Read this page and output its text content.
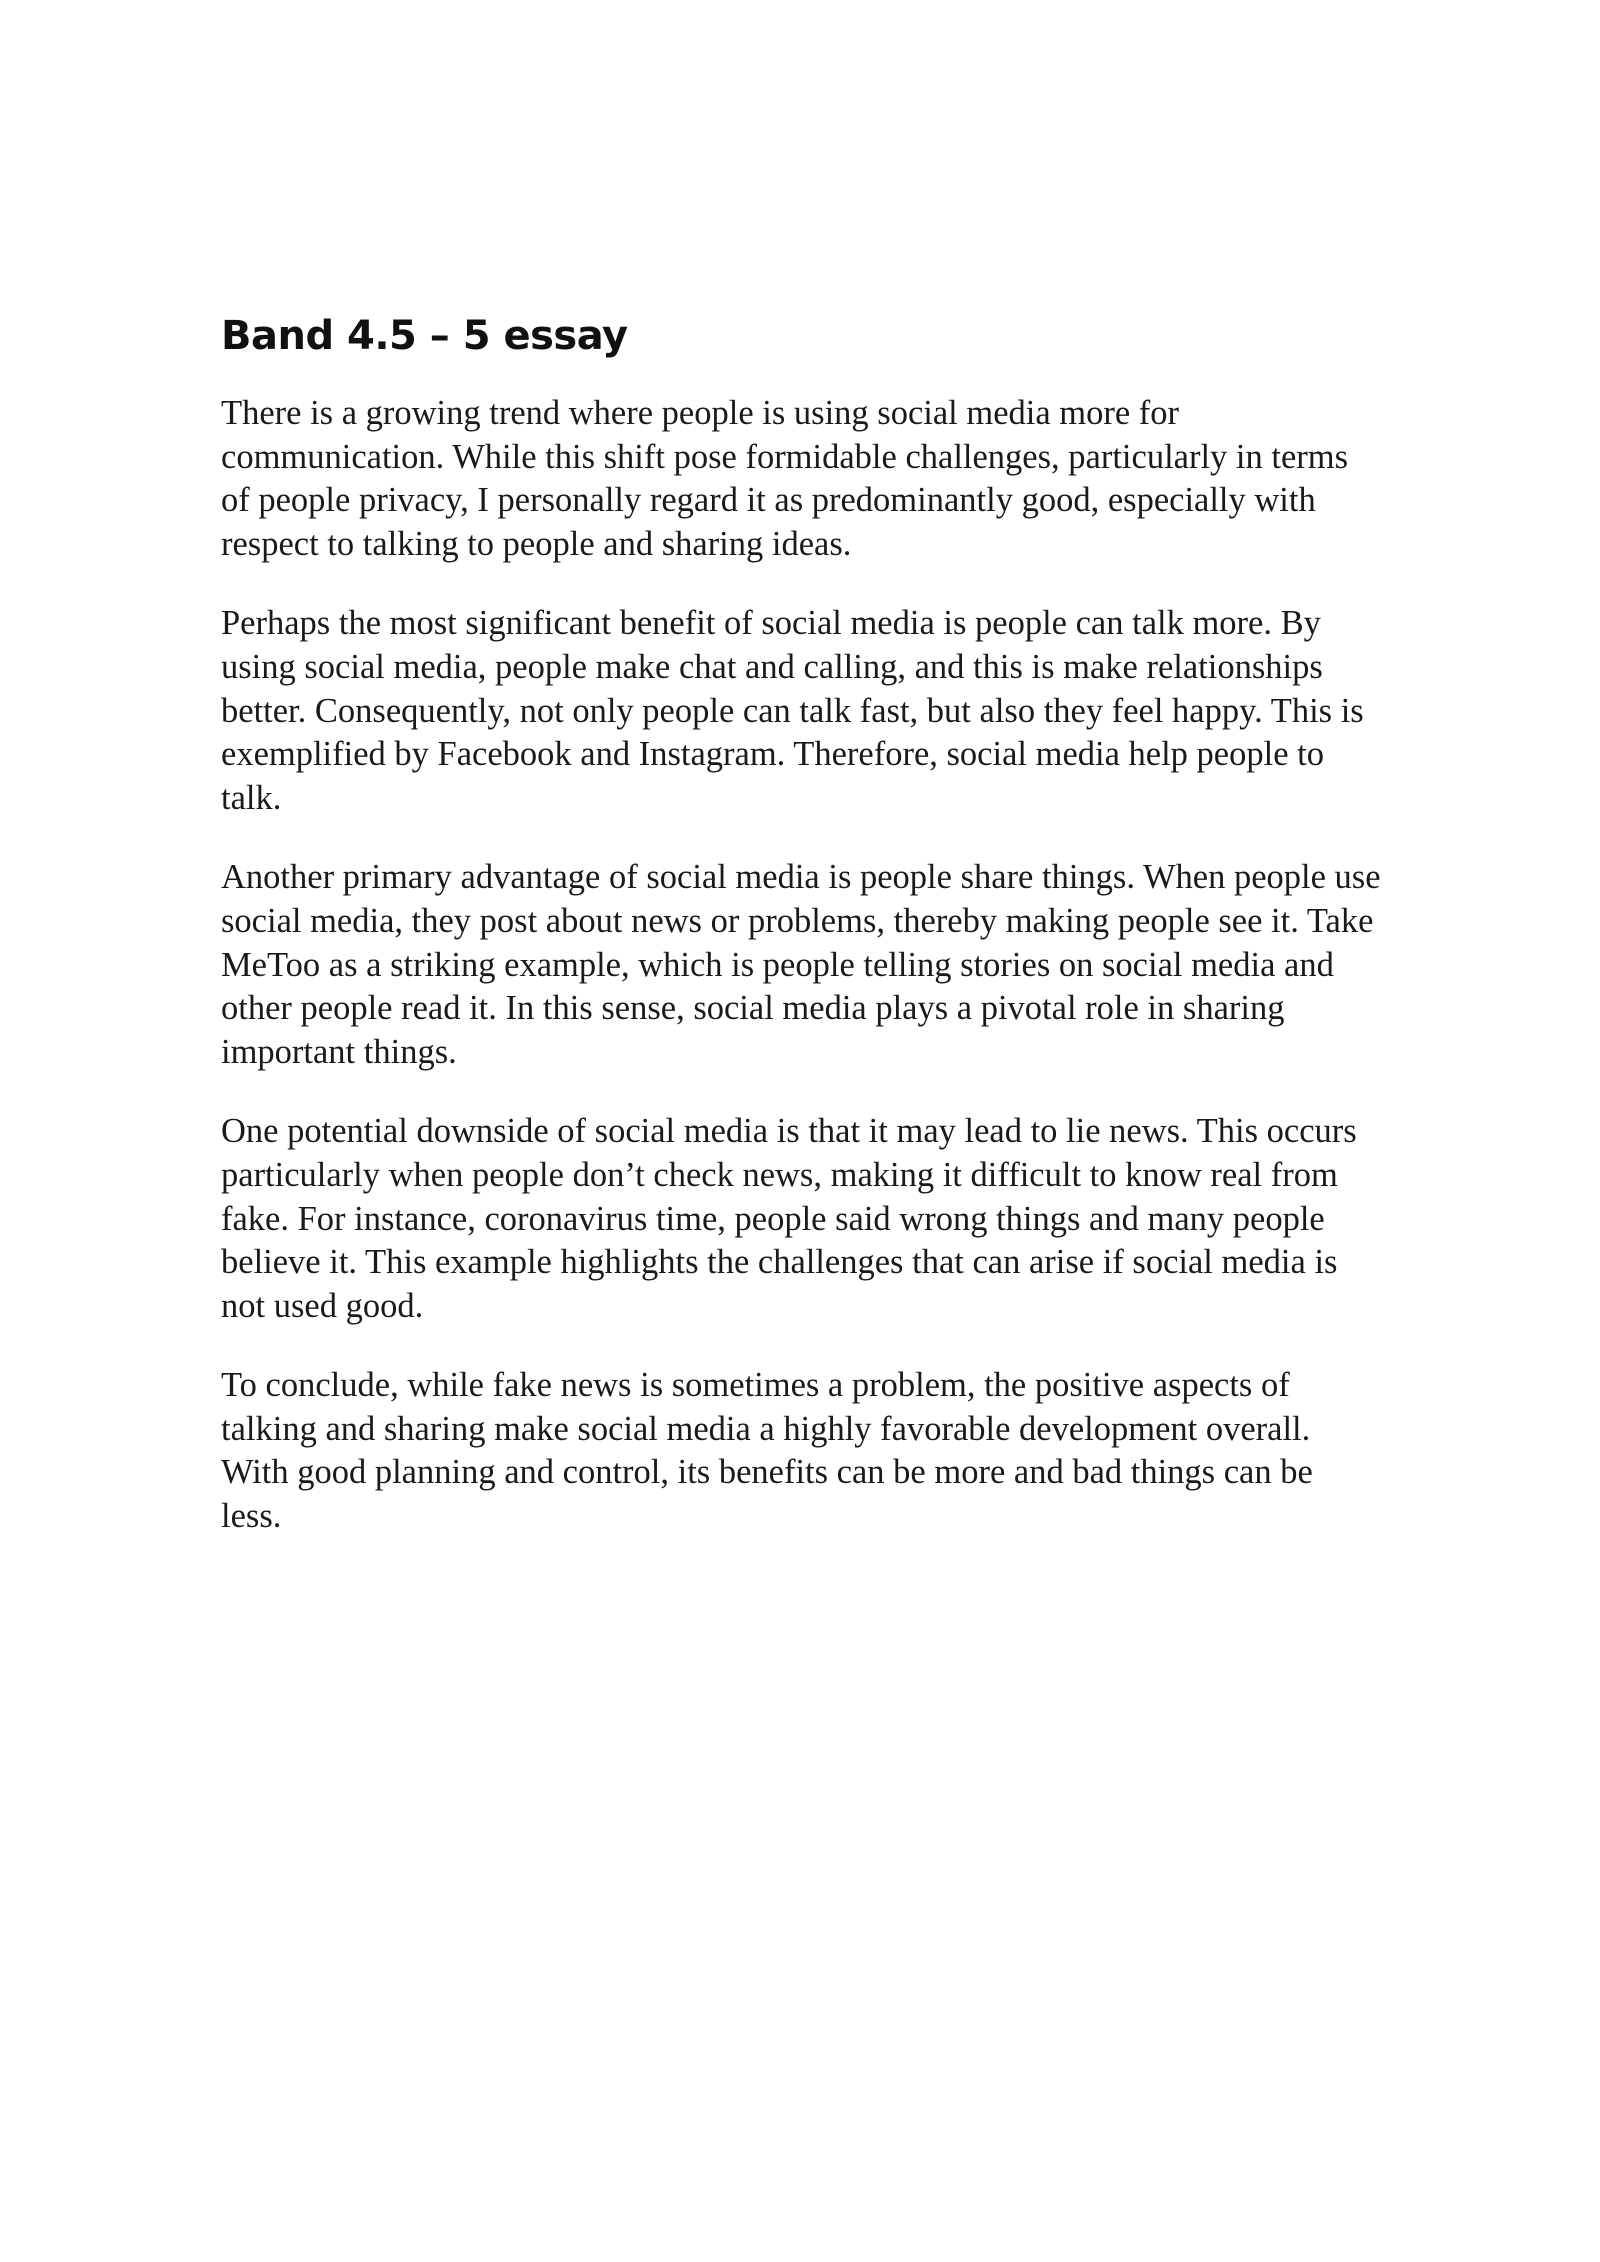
Band 4.5 – 5 essay

There is a growing trend where people is using social media more for
communication. While this shift pose formidable challenges, particularly in terms
of people privacy, I personally regard it as predominantly good, especially with
respect to talking to people and sharing ideas.

Perhaps the most significant benefit of social media is people can talk more. By
using social media, people make chat and calling, and this is make relationships
better. Consequently, not only people can talk fast, but also they feel happy. This is
exemplified by Facebook and Instagram. Therefore, social media help people to
talk.

Another primary advantage of social media is people share things. When people use
social media, they post about news or problems, thereby making people see it. Take
MeToo as a striking example, which is people telling stories on social media and
other people read it. In this sense, social media plays a pivotal role in sharing
important things.

One potential downside of social media is that it may lead to lie news. This occurs
particularly when people don’t check news, making it difficult to know real from
fake. For instance, coronavirus time, people said wrong things and many people
believe it. This example highlights the challenges that can arise if social media is
not used good.

To conclude, while fake news is sometimes a problem, the positive aspects of
talking and sharing make social media a highly favorable development overall.
With good planning and control, its benefits can be more and bad things can be
less.
